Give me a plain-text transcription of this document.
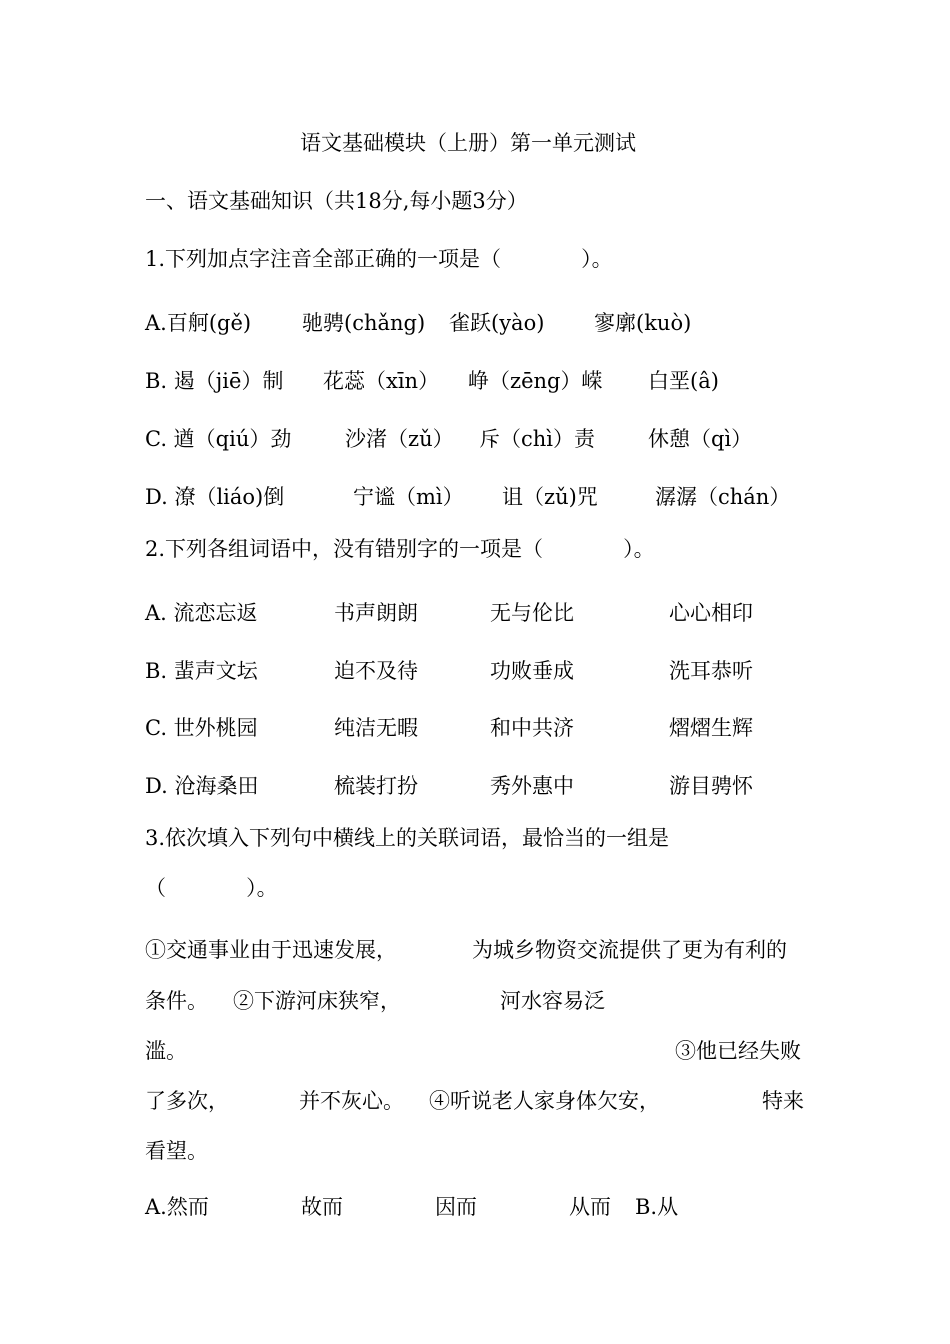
语文基础模块（上册）第一单元测试
一、语文基础知识（共18分,每小题3分）
1.下列加点字注音全部正确的一项是（            ）。
A.百舸(gě) 驰骋(chǎng) 雀跃(yào) 寥廓(kuò)
B. 遏（jiē）制 花蕊（xīn） 峥（zēng）嵘 白垩(â)
C. 遒（qiú）劲	沙渚（zǔ） 斥（chì）责	休憩（qì）
D. 潦（liáo)倒	宁谧（mì） 诅（zǔ)咒	潺潺（chán）
2.下列各组词语中，没有错别字的一项是（            ）。
A. 流恋忘返	书声朗朗	无与伦比	心心相印
B. 蜚声文坛	迫不及待	功败垂成	洗耳恭听
C. 世外桃园	纯洁无暇	和中共济	熠熠生辉
D. 沧海桑田	梳装打扮	秀外惠中	游目骋怀
3.依次填入下列句中横线上的关联词语，最恰当的一组是
（            ）。
①交通事业由于迅速发展，	为城乡物资交流提供了更为有利的
条件。 ②下游河床狭窄，	河水容易泛
滥。	③他已经失败
了多次，	并不灰心。 ④听说老人家身体欠安，	特来
看望。
A.然而	故而	因而	从而 B.从
